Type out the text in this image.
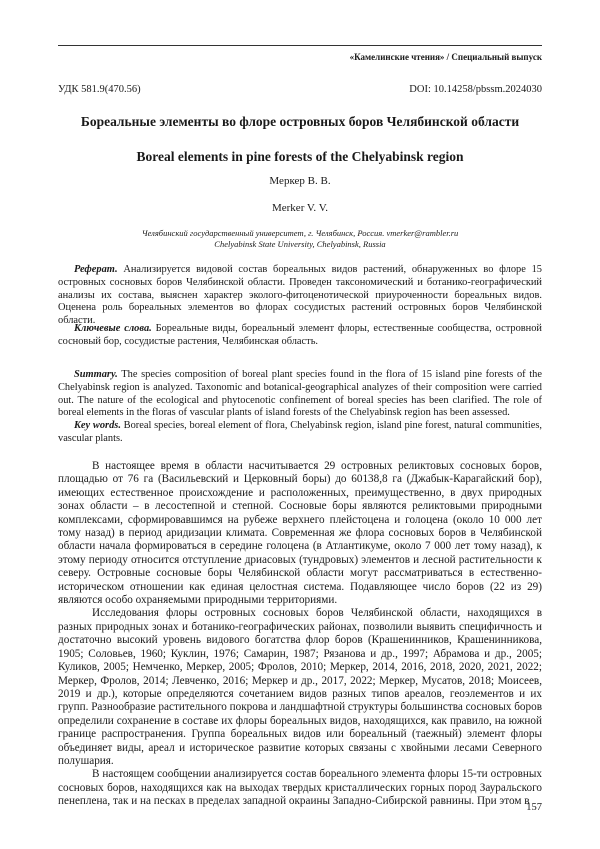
«Камелинские чтения» / Специальный выпуск
УДК 581.9(470.56)	DOI: 10.14258/pbssm.2024030
Бореальные элементы во флоре островных боров Челябинской области
Boreal elements in pine forests of the Chelyabinsk region
Меркер В. В.
Merker V. V.
Челябинский государственный университет, г. Челябинск, Россия. vmerker@rambler.ru
Chelyabinsk State University, Chelyabinsk, Russia
Реферат. Анализируется видовой состав бореальных видов растений, обнаруженных во флоре 15 островных сосновых боров Челябинской области. Проведен таксономический и ботанико-географический анализы их состава, выяснен характер эколого-фитоценотической приуроченности бореальных видов. Оценена роль бореальных элементов во флорах сосудистых растений островных боров Челябинской области.
Ключевые слова. Бореальные виды, бореальный элемент флоры, естественные сообщества, островной сосновый бор, сосудистые растения, Челябинская область.
Summary. The species composition of boreal plant species found in the flora of 15 island pine forests of the Chelyabinsk region is analyzed. Taxonomic and botanical-geographical analyzes of their composition were carried out. The nature of the ecological and phytocenotic confinement of boreal species has been clarified. The role of boreal elements in the floras of vascular plants of island forests of the Chelyabinsk region has been assessed.
Key words. Boreal species, boreal element of flora, Chelyabinsk region, island pine forest, natural communities, vascular plants.

В настоящее время в области насчитывается 29 островных реликтовых сосновых боров, площадью от 76 га (Васильевский и Церковный боры) до 60138,8 га (Джабык-Карагайский бор), имеющих естественное происхождение и расположенных, преимущественно, в двух природных зонах области – в лесостепной и степной. Сосновые боры являются реликтовыми природными комплексами, сформировавшимся на рубеже верхнего плейстоцена и голоцена (около 10 000 лет тому назад) в период аридизации климата. Современная же флора сосновых боров в Челябинской области начала формироваться в середине голоцена (в Атлантикуме, около 7 000 лет тому назад), к этому периоду относится отступление дриасовых (тундровых) элементов и лесной растительности к северу. Островные сосновые боры Челябинской области могут рассматриваться в естественно-историческом отношении как единая целостная система. Подавляющее число боров (22 из 29) являются особо охраняемыми природными территориями.

Исследования флоры островных сосновых боров Челябинской области, находящихся в разных природных зонах и ботанико-географических районах, позволили выявить специфичность и достаточно высокий уровень видового богатства флор боров (Крашенинников, Крашенинникова, 1905; Соловьев, 1960; Куклин, 1976; Самарин, 1987; Рязанова и др., 1997; Абрамова и др., 2005; Куликов, 2005; Немченко, Меркер, 2005; Фролов, 2010; Меркер, 2014, 2016, 2018, 2020, 2021, 2022; Меркер, Фролов, 2014; Левченко, 2016; Меркер и др., 2017, 2022; Меркер, Мусатов, 2018; Моисеев, 2019 и др.), которые определяются сочетанием видов разных типов ареалов, геоэлементов и их групп. Разнообразие растительного покрова и ландшафтной структуры большинства сосновых боров определили сохранение в составе их флоры бореальных видов, находящихся, как правило, на южной границе распространения. Группа бореальных видов или бореальный (таежный) элемент флоры объединяет виды, ареал и историческое развитие которых связаны с хвойными лесами Северного полушария.

В настоящем сообщении анализируется состав бореального элемента флоры 15-ти островных сосновых боров, находящихся как на выходах твердых кристаллических горных пород Зауральского пенеплена, так и на песках в пределах западной окраины Западно-Сибирской равнины. При этом в

157
